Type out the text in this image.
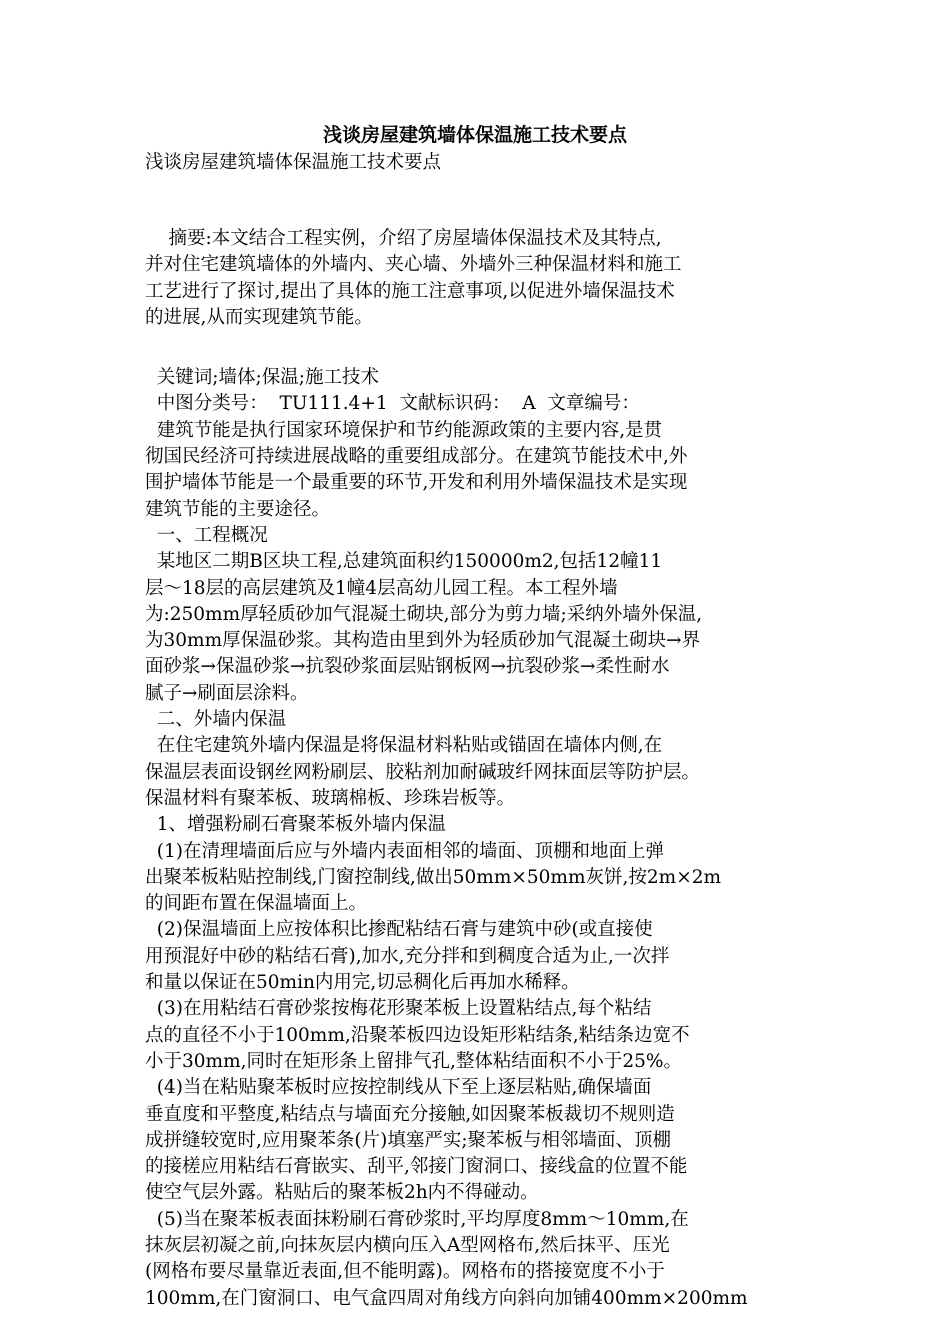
浅谈房屋建筑墙体保温施工技术要点

浅谈房屋建筑墙体保温施工技术要点

摘要:本文结合工程实例，介绍了房屋墙体保温技术及其特点,

并对住宅建筑墙体的外墙内、夹心墙、外墙外三种保温材料和施工

工艺进行了探讨,提出了具体的施工注意事项,以促进外墙保温技术

的进展,从而实现建筑节能。

关键词;墙体;保温;施工技术

中图分类号：  TU111.4+1  文献标识码：  A  文章编号：

建筑节能是执行国家环境保护和节约能源政策的主要内容,是贯

彻国民经济可持续进展战略的重要组成部分。在建筑节能技术中,外

围护墙体节能是一个最重要的环节,开发和利用外墙保温技术是实现

建筑节能的主要途径。

一、工程概况

某地区二期B区块工程,总建筑面积约150000m2,包括12幢11

层～18层的高层建筑及1幢4层高幼儿园工程。本工程外墙

为:250mm厚轻质砂加气混凝土砌块,部分为剪力墙;采纳外墙外保温,

为30mm厚保温砂浆。其构造由里到外为轻质砂加气混凝土砌块→界

面砂浆→保温砂浆→抗裂砂浆面层贴钢板网→抗裂砂浆→柔性耐水

腻子→刷面层涂料。

二、外墙内保温

在住宅建筑外墙内保温是将保温材料粘贴或锚固在墙体内侧,在

保温层表面设钢丝网粉刷层、胶粘剂加耐碱玻纤网抹面层等防护层。

保温材料有聚苯板、玻璃棉板、珍珠岩板等。

1、增强粉刷石膏聚苯板外墙内保温

(1)在清理墙面后应与外墙内表面相邻的墙面、顶棚和地面上弹

出聚苯板粘贴控制线,门窗控制线,做出50mm×50mm灰饼,按2m×2m

的间距布置在保温墙面上。

(2)保温墙面上应按体积比掺配粘结石膏与建筑中砂(或直接使

用预混好中砂的粘结石膏),加水,充分拌和到稠度合适为止,一次拌

和量以保证在50min内用完,切忌稠化后再加水稀释。

(3)在用粘结石膏砂浆按梅花形聚苯板上设置粘结点,每个粘结

点的直径不小于100mm,沿聚苯板四边设矩形粘结条,粘结条边宽不

小于30mm,同时在矩形条上留排气孔,整体粘结面积不小于25%。

(4)当在粘贴聚苯板时应按控制线从下至上逐层粘贴,确保墙面

垂直度和平整度,粘结点与墙面充分接触,如因聚苯板裁切不规则造

成拼缝较宽时,应用聚苯条(片)填塞严实;聚苯板与相邻墙面、顶棚

的接槎应用粘结石膏嵌实、刮平,邻接门窗洞口、接线盒的位置不能

使空气层外露。粘贴后的聚苯板2h内不得碰动。

(5)当在聚苯板表面抹粉刷石膏砂浆时,平均厚度8mm～10mm,在

抹灰层初凝之前,向抹灰层内横向压入A型网格布,然后抹平、压光

(网格布要尽量靠近表面,但不能明露)。网格布的搭接宽度不小于

100mm,在门窗洞口、电气盒四周对角线方向斜向加铺400mm×200mm
